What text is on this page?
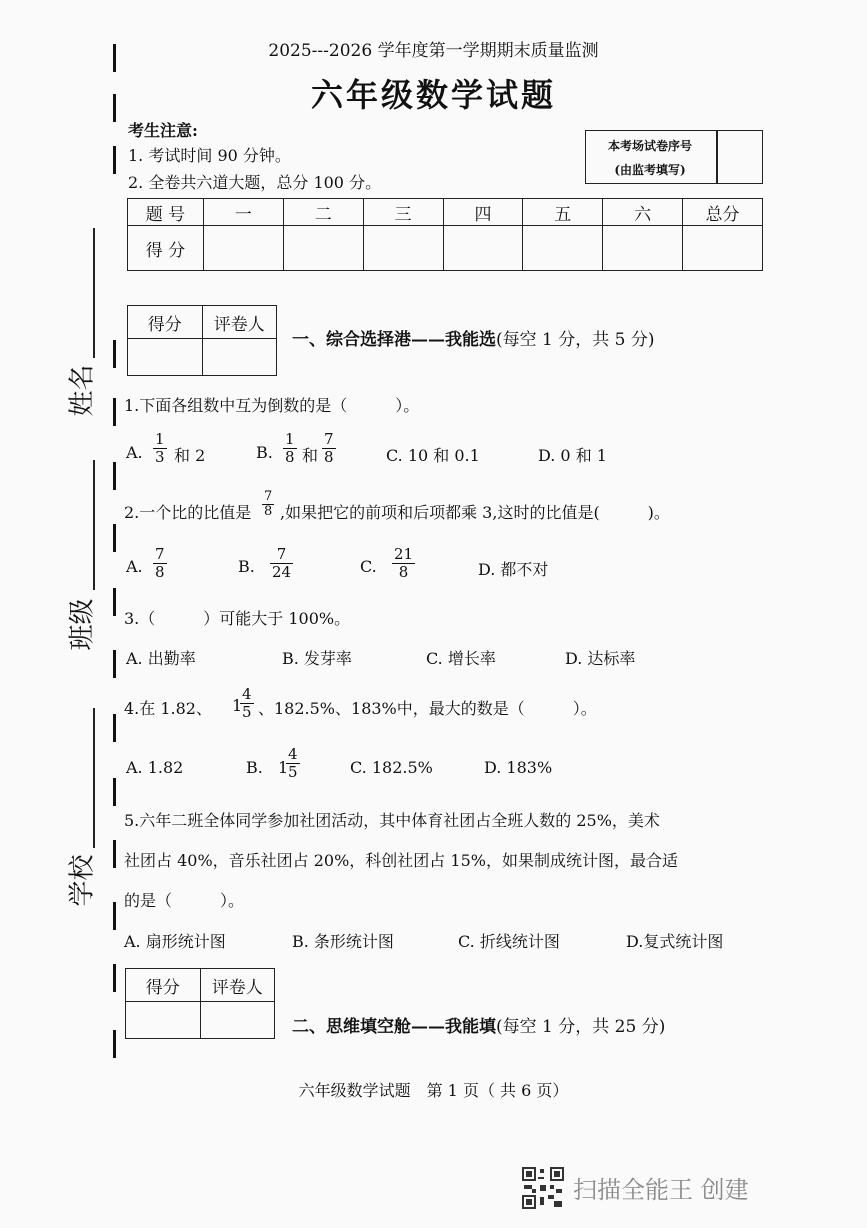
2025---2026 学年度第一学期期末质量监测
六年级数学试题
考生注意:
1. 考试时间 90 分钟。
2. 全卷共六道大题，总分 100 分。
本考场试卷序号
(由监考填写)
题 号	一	二	三	四	五	六	总分
得 分							
得分	评卷人

一、综合选择港——我能选(每空 1 分，共 5 分)
1.下面各组数中互为倒数的是（　　　）。
A. $\frac{1}{3}$ 和 2	B. $\frac{1}{8}$ 和 $\frac{7}{8}$	C. 10 和 0.1	D. 0 和 1
2.一个比的比值是 $\frac{7}{8}$ ,如果把它的前项和后项都乘 3,这时的比值是(　　　)。
A. $\frac{7}{8}$	B. $\frac{7}{24}$	C. $\frac{21}{8}$	D. 都不对
3.（　　　）可能大于 100%。
A. 出勤率	B. 发芽率	C. 增长率	D. 达标率
4.在 1.82、 1
$\frac{4}{5}$ 、182.5%、183%中，最大的数是（　　　）。
A. 1.82	B. 1
$\frac{4}{5}$	C. 182.5%	D. 183%
5.六年二班全体同学参加社团活动，其中体育社团占全班人数的 25%，美术
社团占 40%，音乐社团占 20%，科创社团占 15%，如果制成统计图，最合适
的是（　　　）。
A. 扇形统计图	B. 条形统计图	C. 折线统计图	D.复式统计图
得分	评卷人

二、思维填空舱——我能填(每空 1 分，共 25 分)
姓名
班级
学校
六年级数学试题　第 1 页（ 共 6 页）
扫描全能王 创建
